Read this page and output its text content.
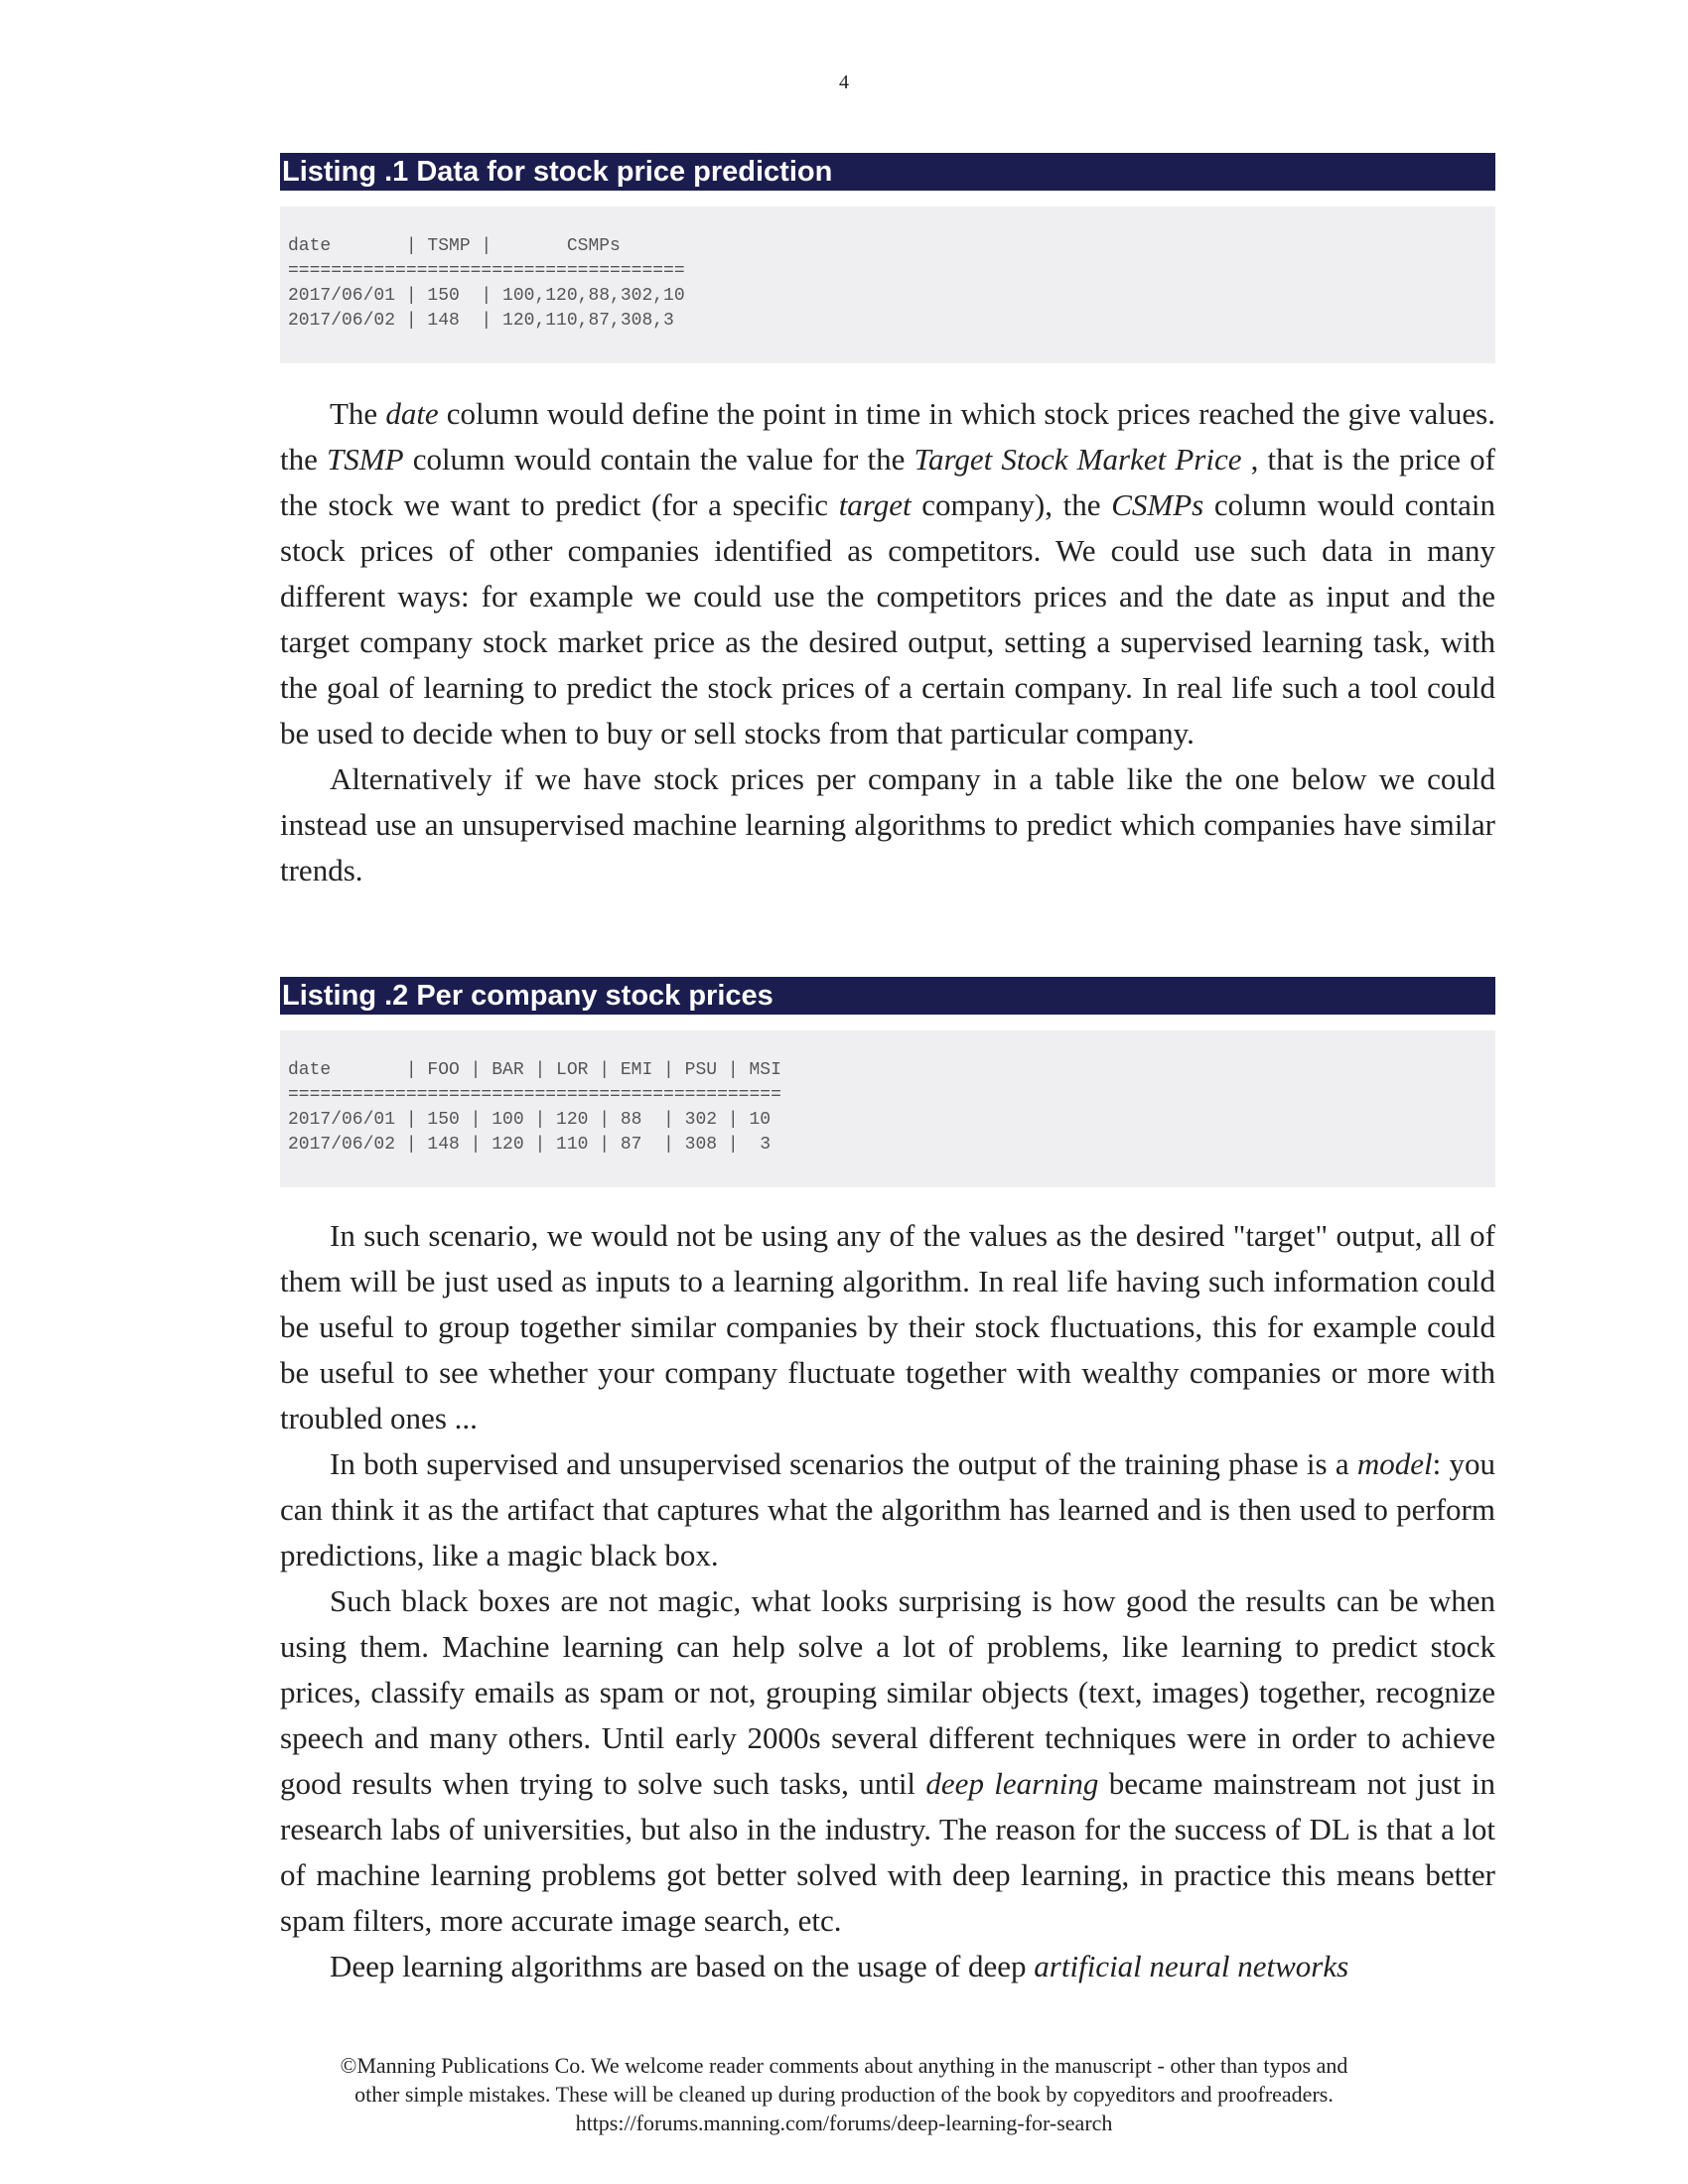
4
Listing .1 Data for stock price prediction
date       | TSMP |       CSMPs
=====================================
2017/06/01 | 150  | 100,120,88,302,10
2017/06/02 | 148  | 120,110,87,308,3

The date column would define the point in time in which stock prices reached the give values. the TSMP column would contain the value for the Target Stock Market Price , that is the price of the stock we want to predict (for a specific target company), the CSMPs column would contain stock prices of other companies identified as competitors. We could use such data in many different ways: for example we could use the competitors prices and the date as input and the target company stock market price as the desired output, setting a supervised learning task, with the goal of learning to predict the stock prices of a certain company. In real life such a tool could be used to decide when to buy or sell stocks from that particular company.

Alternatively if we have stock prices per company in a table like the one below we could instead use an unsupervised machine learning algorithms to predict which companies have similar trends.

Listing .2 Per company stock prices
date       | FOO | BAR | LOR | EMI | PSU | MSI
==============================================
2017/06/01 | 150 | 100 | 120 | 88  | 302 | 10
2017/06/02 | 148 | 120 | 110 | 87  | 308 |  3

In such scenario, we would not be using any of the values as the desired "target" output, all of them will be just used as inputs to a learning algorithm. In real life having such information could be useful to group together similar companies by their stock fluctuations, this for example could be useful to see whether your company fluctuate together with wealthy companies or more with troubled ones ...

In both supervised and unsupervised scenarios the output of the training phase is a model: you can think it as the artifact that captures what the algorithm has learned and is then used to perform predictions, like a magic black box.

Such black boxes are not magic, what looks surprising is how good the results can be when using them. Machine learning can help solve a lot of problems, like learning to predict stock prices, classify emails as spam or not, grouping similar objects (text, images) together, recognize speech and many others. Until early 2000s several different techniques were in order to achieve good results when trying to solve such tasks, until deep learning became mainstream not just in research labs of universities, but also in the industry. The reason for the success of DL is that a lot of machine learning problems got better solved with deep learning, in practice this means better spam filters, more accurate image search, etc.

Deep learning algorithms are based on the usage of deep artificial neural networks

©Manning Publications Co. We welcome reader comments about anything in the manuscript - other than typos and
other simple mistakes. These will be cleaned up during production of the book by copyeditors and proofreaders.
https://forums.manning.com/forums/deep-learning-for-search
